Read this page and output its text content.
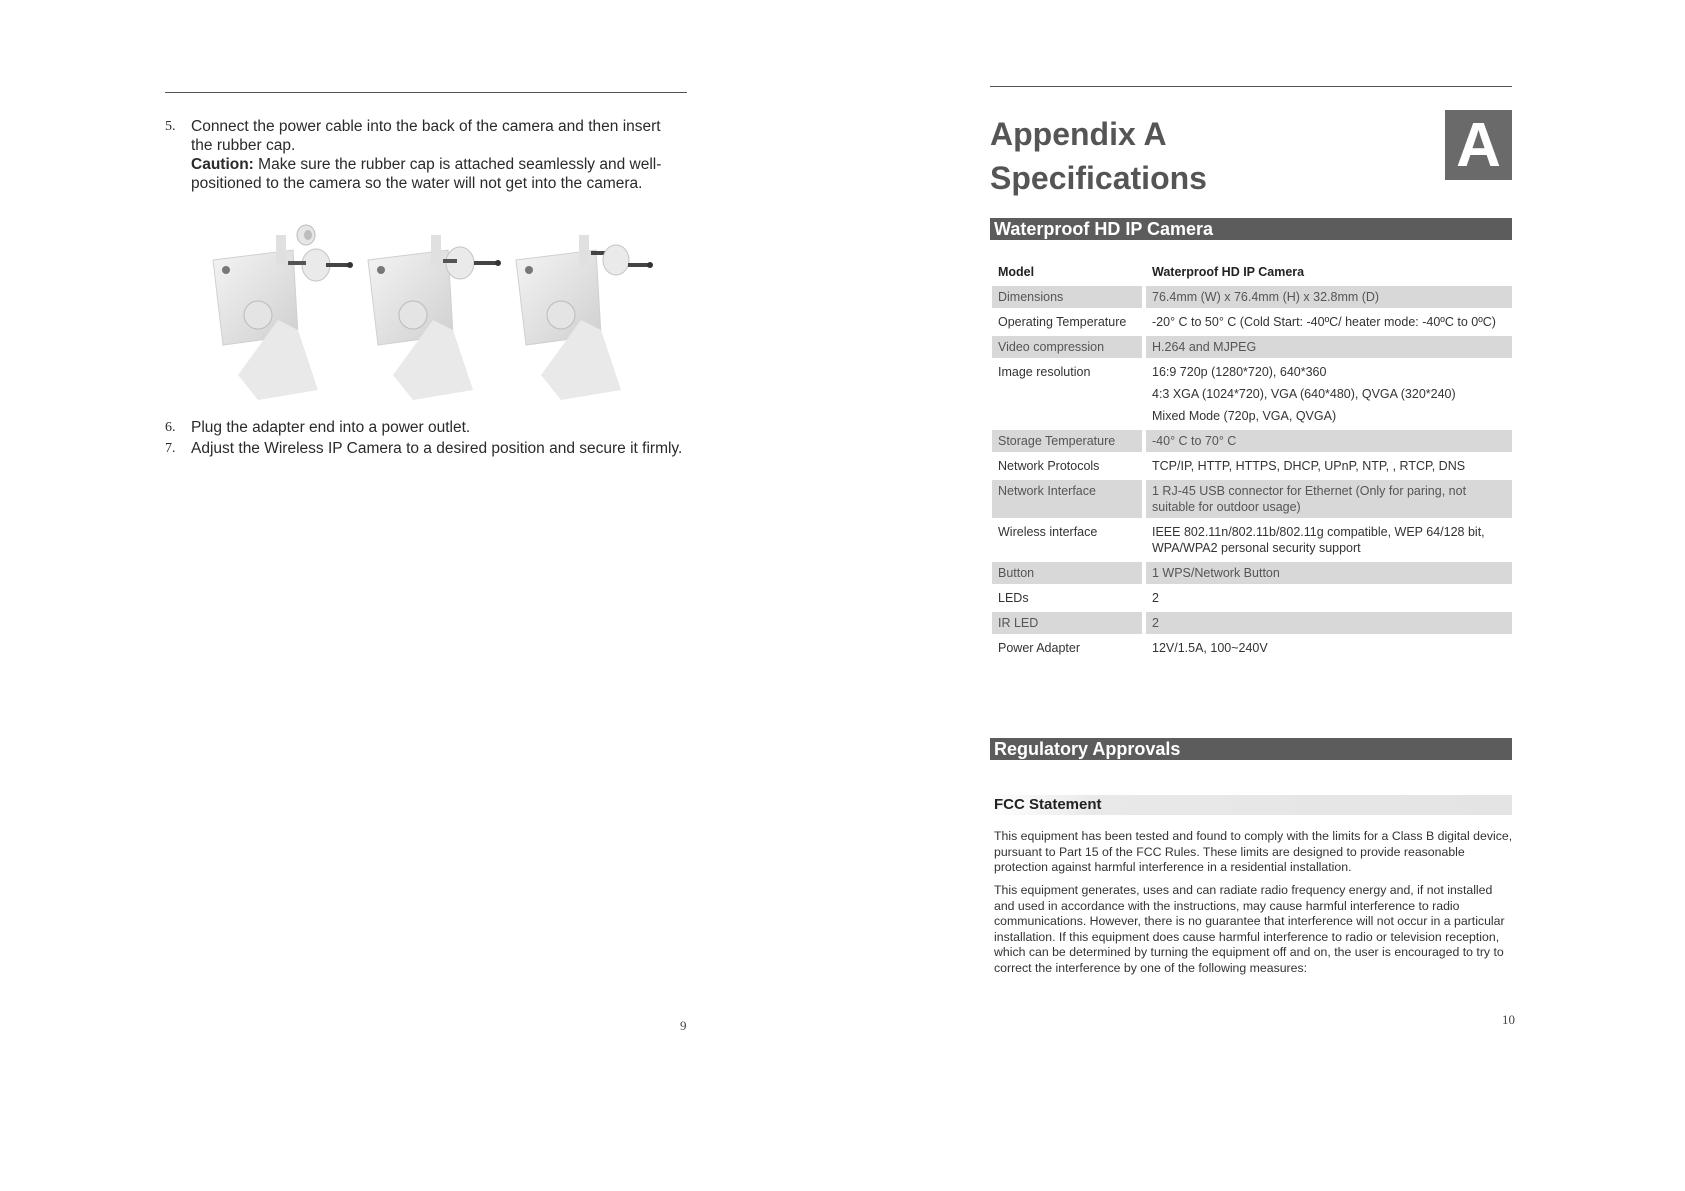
5. Connect the power cable into the back of the camera and then insert the rubber cap.
Caution: Make sure the rubber cap is attached seamlessly and well-positioned to the camera so the water will not get into the camera.
6. Plug the adapter end into a power outlet.
7. Adjust the Wireless IP Camera to a desired position and secure it firmly.
9
Appendix A
Specifications	A
Waterproof HD IP Camera
Model	Waterproof HD IP Camera
Dimensions	76.4mm (W) x 76.4mm (H) x 32.8mm (D)
Operating Temperature	-20° C to 50° C (Cold Start: -40ºC/ heater mode: -40ºC to 0ºC)
Video compression	H.264 and MJPEG
Image resolution	16:9 720p (1280*720), 640*360
4:3 XGA (1024*720), VGA (640*480), QVGA (320*240)
Mixed Mode (720p, VGA, QVGA)

Storage Temperature	-40° C to 70° C
Network Protocols	TCP/IP, HTTP, HTTPS, DHCP, UPnP, NTP, , RTCP, DNS
Network Interface	1 RJ-45 USB connector for Ethernet (Only for paring, not suitable for outdoor usage)
Wireless interface	IEEE 802.11n/802.11b/802.11g compatible, WEP 64/128 bit, WPA/WPA2 personal security support
Button	1 WPS/Network Button
LEDs	2
IR LED	2
Power Adapter	12V/1.5A, 100~240V
Regulatory Approvals
FCC Statement

This equipment has been tested and found to comply with the limits for a Class B digital device, pursuant to Part 15 of the FCC Rules. These limits are designed to provide reasonable protection against harmful interference in a residential installation.

This equipment generates, uses and can radiate radio frequency energy and, if not installed and used in accordance with the instructions, may cause harmful interference to radio communications. However, there is no guarantee that interference will not occur in a particular installation. If this equipment does cause harmful interference to radio or television reception, which can be determined by turning the equipment off and on, the user is encouraged to try to correct the interference by one of the following measures:

10
